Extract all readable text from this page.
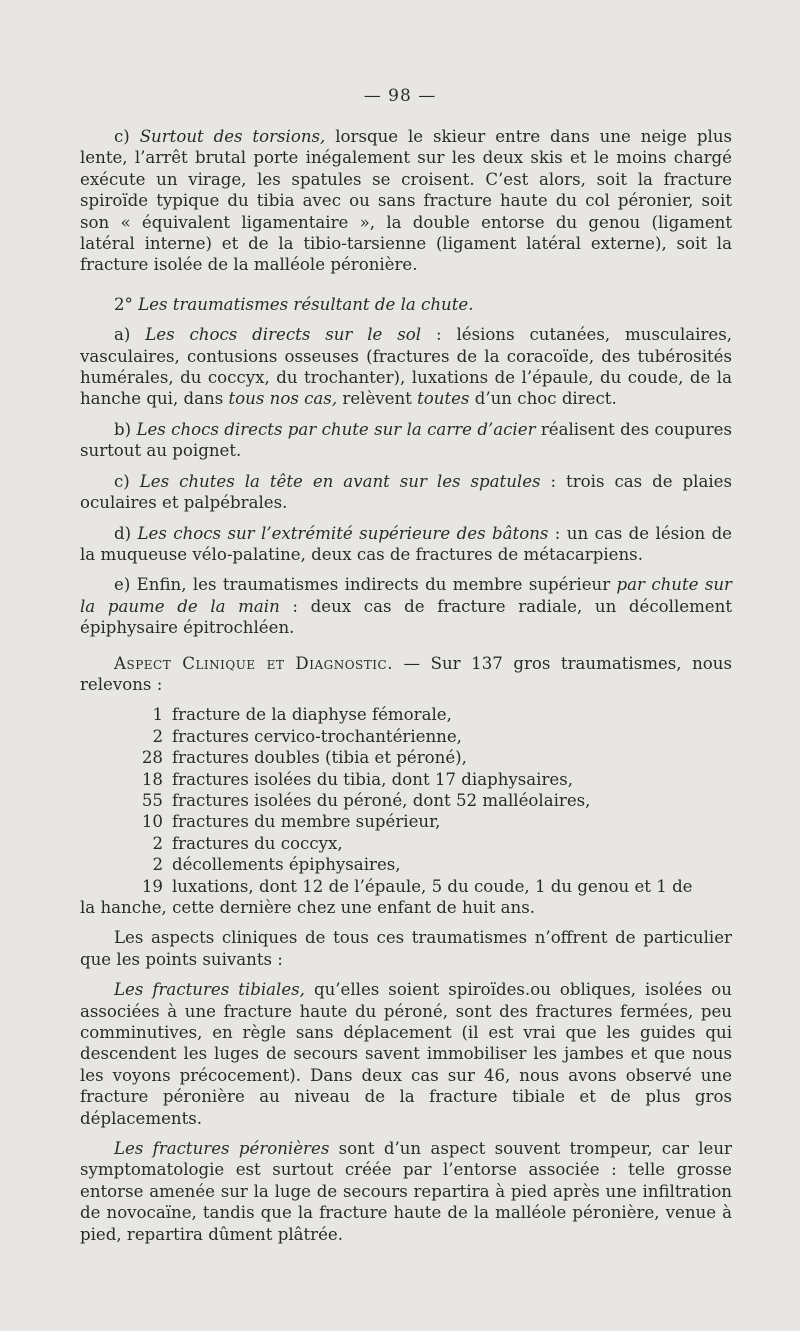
— 98 —

c) Surtout des torsions, lorsque le skieur entre dans une neige plus lente, l’arrêt brutal porte inégalement sur les deux skis et le moins chargé exécute un virage, les spatules se croisent. C’est alors, soit la fracture spiroïde typique du tibia avec ou sans fracture haute du col péronier, soit son « équivalent ligamentaire », la double entorse du genou (ligament latéral interne) et de la tibio-tarsienne (ligament latéral externe), soit la fracture isolée de la malléole péronière.

2° Les traumatismes résultant de la chute.

a) Les chocs directs sur le sol : lésions cutanées, musculaires, vasculaires, contusions osseuses (fractures de la coracoïde, des tubérosités humérales, du coccyx, du trochanter), luxations de l’épaule, du coude, de la hanche qui, dans tous nos cas, relèvent toutes d’un choc direct.

b) Les chocs directs par chute sur la carre d’acier réalisent des coupures surtout au poignet.

c) Les chutes la tête en avant sur les spatules : trois cas de plaies oculaires et palpébrales.

d) Les chocs sur l’extrémité supérieure des bâtons : un cas de lésion de la muqueuse vélo-palatine, deux cas de fractures de métacarpiens.

e) Enfin, les traumatismes indirects du membre supérieur par chute sur la paume de la main : deux cas de fracture radiale, un décollement épiphysaire épitrochléen.

Aspect Clinique et Diagnostic. — Sur 137 gros traumatismes, nous relevons :

1 fracture de la diaphyse fémorale,
2 fractures cervico-trochantérienne,
28 fractures doubles (tibia et péroné),
18 fractures isolées du tibia, dont 17 diaphysaires,
55 fractures isolées du péroné, dont 52 malléolaires,
10 fractures du membre supérieur,
2 fractures du coccyx,
2 décollements épiphysaires,
19 luxations, dont 12 de l’épaule, 5 du coude, 1 du genou et 1 de
la hanche, cette dernière chez une enfant de huit ans.

Les aspects cliniques de tous ces traumatismes n’offrent de particulier que les points suivants :

Les fractures tibiales, qu’elles soient spiroïdes.ou obliques, isolées ou associées à une fracture haute du péroné, sont des fractures fermées, peu comminutives, en règle sans déplacement (il est vrai que les guides qui descendent les luges de secours savent immobiliser les jambes et que nous les voyons précocement). Dans deux cas sur 46, nous avons observé une fracture péronière au niveau de la fracture tibiale et de plus gros déplacements.

Les fractures péronières sont d’un aspect souvent trompeur, car leur symptomatologie est surtout créée par l’entorse associée : telle grosse entorse amenée sur la luge de secours repartira à pied après une infiltration de novocaïne, tandis que la fracture haute de la malléole péronière, venue à pied, repartira dûment plâtrée.
